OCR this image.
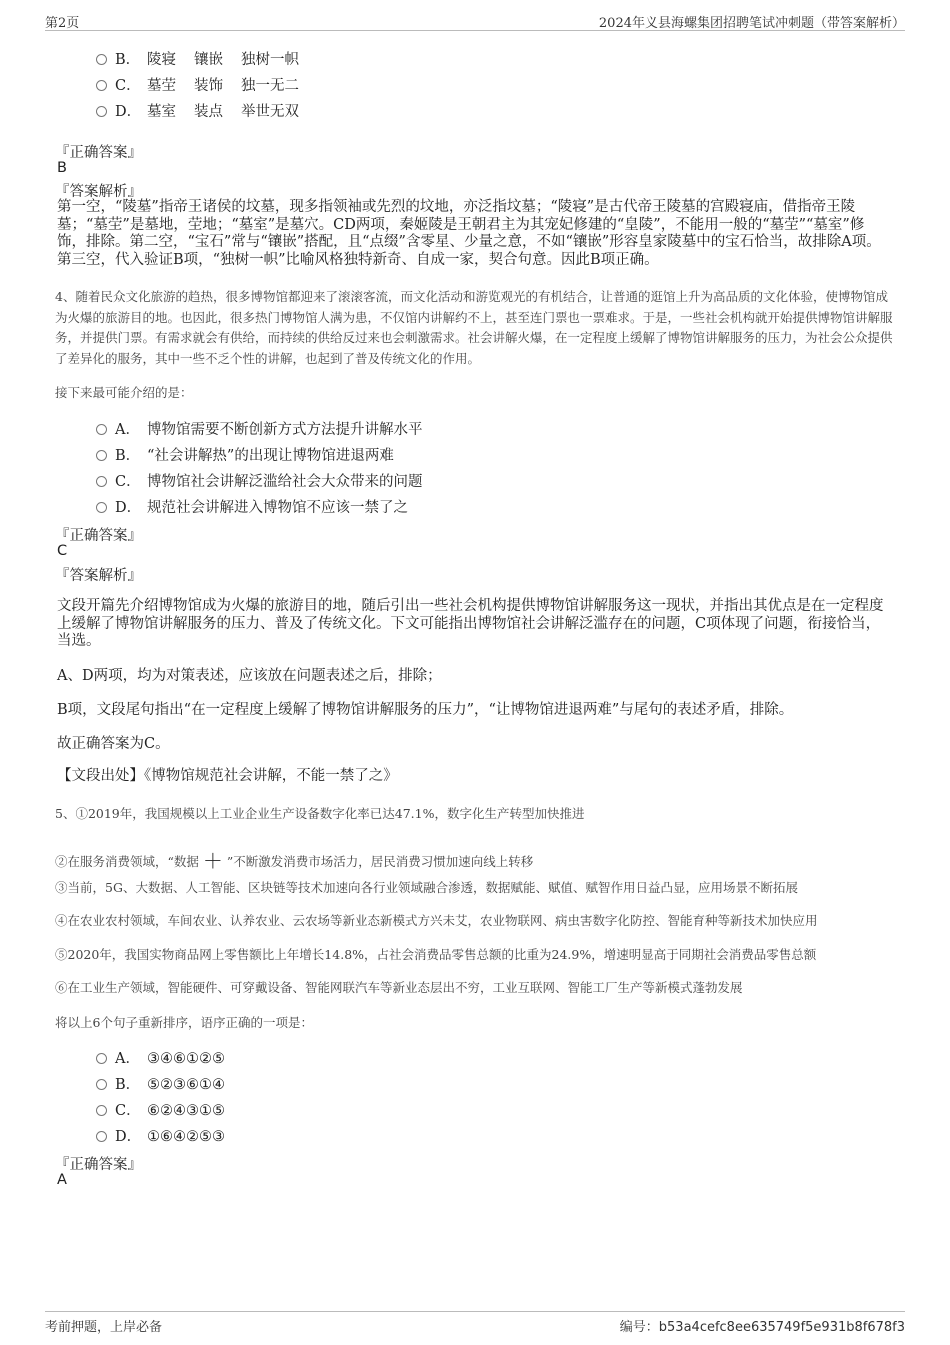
第2页	2024年义县海螺集团招聘笔试冲刺题（带答案解析）
B． 陵寝 镶嵌 独树一帜
C． 墓茔 装饰 独一无二
D． 墓室 装点 举世无双
『正确答案』
B
『答案解析』
第一空，“陵墓”指帝王诸侯的坟墓，现多指领袖或先烈的坟地，亦泛指坟墓；“陵寝”是古代帝王陵墓的宫殿寝庙，借指帝王陵墓；“墓茔”是墓地，茔地；“墓室”是墓穴。CD两项，秦姬陵是王朝君主为其宠妃修建的“皇陵”，不能用一般的“墓茔”“墓室”修饰，排除。第二空，“宝石”常与“镶嵌”搭配，且“点缀”含零星、少量之意，不如“镶嵌”形容皇家陵墓中的宝石恰当，故排除A项。第三空，代入验证B项，“独树一帜”比喻风格独特新奇、自成一家，契合句意。因此B项正确。
4、随着民众文化旅游的趋热，很多博物馆都迎来了滚滚客流，而文化活动和游览观光的有机结合，让普通的逛馆上升为高品质的文化体验，使博物馆成为火爆的旅游目的地。也因此，很多热门博物馆人满为患，不仅馆内讲解约不上，甚至连门票也一票难求。于是，一些社会机构就开始提供博物馆讲解服务，并提供门票。有需求就会有供给，而持续的供给反过来也会刺激需求。社会讲解火爆，在一定程度上缓解了博物馆讲解服务的压力，为社会公众提供了差异化的服务，其中一些不乏个性的讲解，也起到了普及传统文化的作用。
接下来最可能介绍的是：
A． 博物馆需要不断创新方式方法提升讲解水平
B． “社会讲解热”的出现让博物馆进退两难
C． 博物馆社会讲解泛滥给社会大众带来的问题
D． 规范社会讲解进入博物馆不应该一禁了之
『正确答案』
C
『答案解析』
文段开篇先介绍博物馆成为火爆的旅游目的地，随后引出一些社会机构提供博物馆讲解服务这一现状，并指出其优点是在一定程度上缓解了博物馆讲解服务的压力、普及了传统文化。下文可能指出博物馆社会讲解泛滥存在的问题，C项体现了问题，衔接恰当，当选。
A、D两项，均为对策表述，应该放在问题表述之后，排除；
B项，文段尾句指出“在一定程度上缓解了博物馆讲解服务的压力”，“让博物馆进退两难”与尾句的表述矛盾，排除。
故正确答案为C。
【文段出处】《博物馆规范社会讲解，不能一禁了之》
5、①2019年，我国规模以上工业企业生产设备数字化率已达47.1%，数字化生产转型加快推进
②在服务消费领域，“数据 ＋ ”不断激发消费市场活力，居民消费习惯加速向线上转移
③当前，5G、大数据、人工智能、区块链等技术加速向各行业领域融合渗透，数据赋能、赋值、赋智作用日益凸显，应用场景不断拓展
④在农业农村领域，车间农业、认养农业、云农场等新业态新模式方兴未艾，农业物联网、病虫害数字化防控、智能育种等新技术加快应用
⑤2020年，我国实物商品网上零售额比上年增长14.8%，占社会消费品零售总额的比重为24.9%，增速明显高于同期社会消费品零售总额
⑥在工业生产领域，智能硬件、可穿戴设备、智能网联汽车等新业态层出不穷，工业互联网、智能工厂生产等新模式蓬勃发展
将以上6个句子重新排序，语序正确的一项是：
A． ③④⑥①②⑤
B． ⑤②③⑥①④
C． ⑥②④③①⑤
D． ①⑥④②⑤③
『正确答案』
A
考前押题，上岸必备	编号：b53a4cefc8ee635749f5e931b8f678f3
